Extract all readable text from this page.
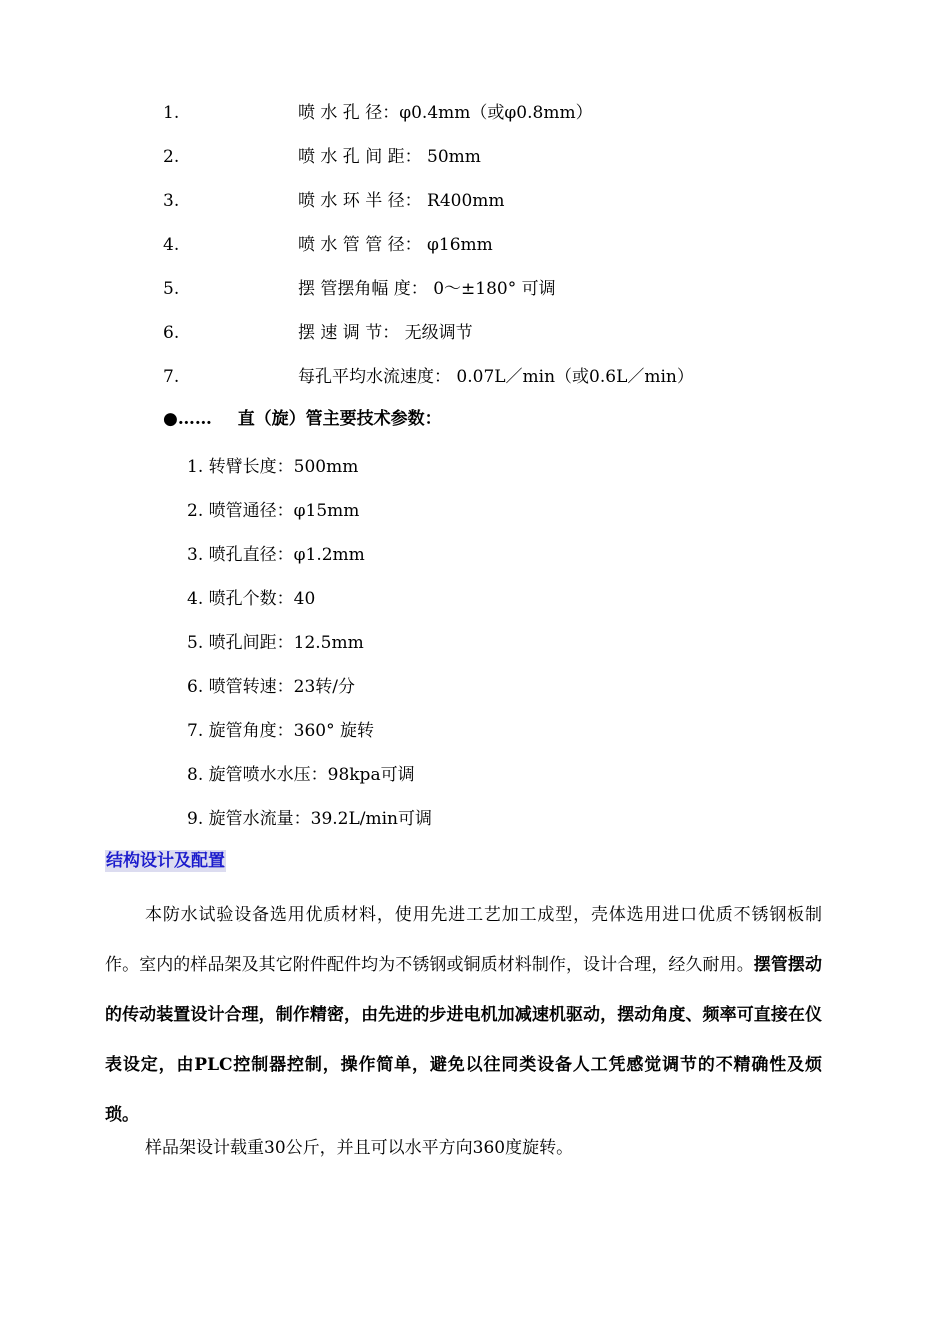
1.	喷 水 孔 径：φ0.4mm（或φ0.8mm）
2.	喷 水 孔 间 距： 50mm
3.	喷 水 环 半 径： R400mm
4.	喷 水 管 管 径： φ16mm
5.	摆 管摆角幅 度： 0～±180° 可调
6.	摆 速 调 节： 无级调节
7.	每孔平均水流速度： 0.07L／min（或0.6L／min）
●…… 直（旋）管主要技术参数：
1. 转臂长度：500mm
2. 喷管通径：φ15mm
3. 喷孔直径：φ1.2mm
4. 喷孔个数：40
5. 喷孔间距：12.5mm
6. 喷管转速：23转/分
7. 旋管角度：360° 旋转
8. 旋管喷水水压：98kpa可调
9. 旋管水流量：39.2L/min可调
结构设计及配置
本防水试验设备选用优质材料，使用先进工艺加工成型，壳体选用进口优质不锈钢板制作。室内的样品架及其它附件配件均为不锈钢或铜质材料制作，设计合理，经久耐用。摆管摆动的传动装置设计合理，制作精密，由先进的步进电机加减速机驱动，摆动角度、频率可直接在仪表设定，由PLC控制器控制，操作简单，避免以往同类设备人工凭感觉调节的不精确性及烦琐。
样品架设计载重30公斤，并且可以水平方向360度旋转。
